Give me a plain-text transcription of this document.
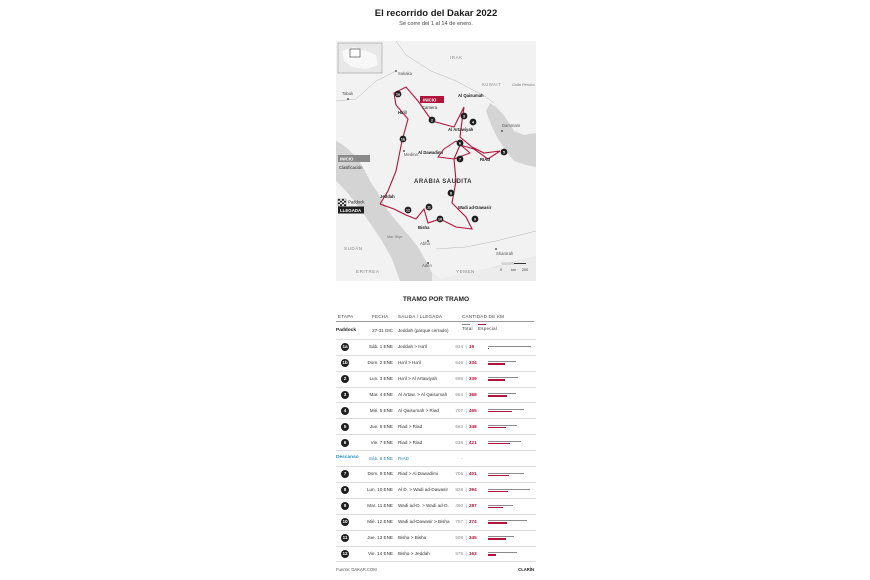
El recorrido del Dakar 2022
Se corre del 1 al 14 de enero.
IRAK
KUWAIT
ARABIA SAUDITA
SUDÁN
ERITREA	YEMEN
Golfo Pérsico
Mar Rojo
Sakaka
Tabuk
Ha'il
Al Qaisumah
Al Artawiyah
Dammam
Medina Al Dawadimi
RIAD
Jeddah
Bisha
Wadi ad-Dawasir
Abha
Sharorah
Adén
INICIO
Camera
INICIO
Clasificación
Paddock
LLEGADA
1a
1b
2
3
4
5
6
7
8
9
10
11
12
0	km 200
TRAMO POR TRAMO
ETAPA	FECHA SALIDA / LLEGADA	CANTIDAD DE KM
Total Especial
Paddock	27-31 DIC Jeddah (parque cerrado)
1a	Sáb. 1 ENE Jeddah > Ha'il	834 | 19
1b	Dom. 2 ENE Ha'il > Ha'il	546 | 334
2	Lun. 3 ENE Ha'il > Al Artawiyah	585 | 339
3	Mar. 4 ENE Al Artaw. > Al Qaisumah	554 | 368
4	Mié. 5 ENE Al Qaisumah > Riad	707 | 465
5	Jue. 6 ENE Riad > Riad	563 | 348
6	Vie. 7 ENE Riad > Riad	636 | 421
Descanso	Sáb. 8 ENE RIAD	-
7	Dom. 9 ENE Riad > Al Dawadimi	706 | 401
8	Lun. 10 ENE Al D. > Wadi ad-Dawasir	828 | 394
9	Mar. 11 ENE Wadi ad-D. > Wadi ad-D.	490 | 287
10	Mié. 12 ENE Wadi ad-Dawasir > Bisha	757 | 374
11	Jue. 13 ENE Bisha > Bisha	508 | 345
12	Vie. 14 ENE Bisha > Jeddah	576 | 163
Fuente: DAKAR.COM	CLARÍN
